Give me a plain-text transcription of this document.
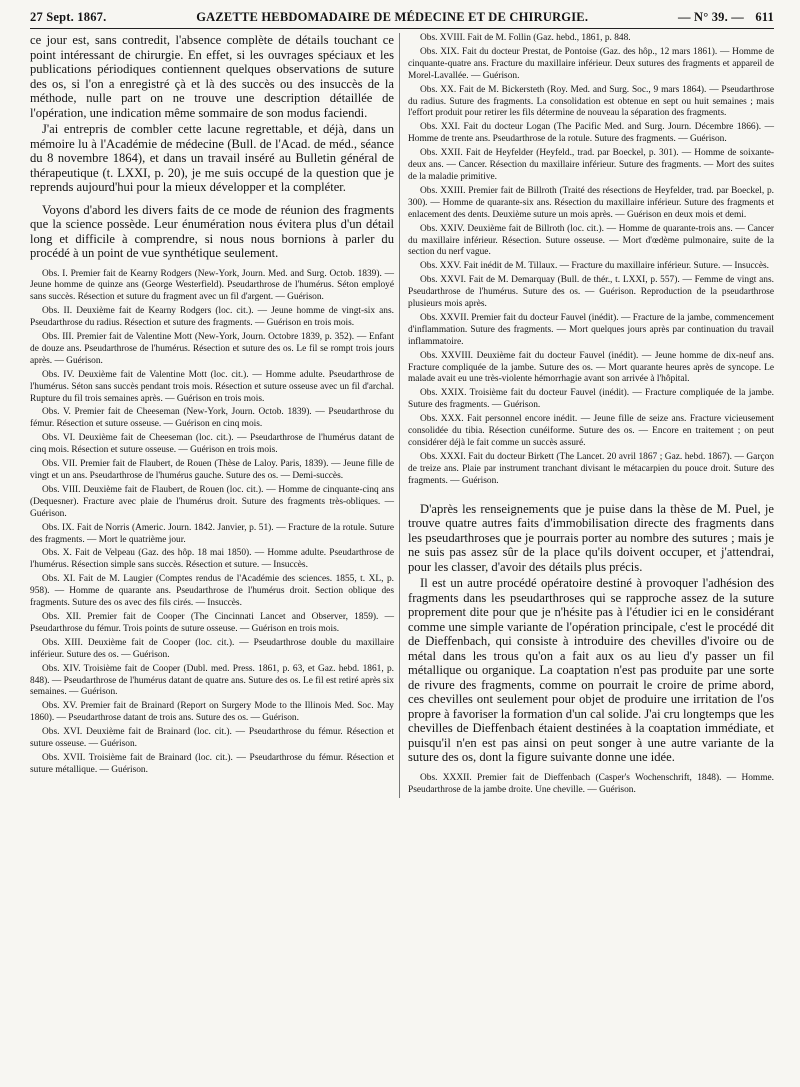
27 Sept. 1867.	GAZETTE HEBDOMADAIRE DE MÉDECINE ET DE CHIRURGIE.	— N° 39. — 611

ce jour est, sans contredit, l'absence complète de détails touchant ce point intéressant de chirurgie. En effet, si les ouvrages spéciaux et les publications périodiques contiennent quelques observations de suture des os, si l'on a enregistré çà et là des succès ou des insuccès de la méthode, nulle part on ne trouve une description détaillée de l'opération, une indication même sommaire de son modus faciendi.

J'ai entrepris de combler cette lacune regrettable, et déjà, dans un mémoire lu à l'Académie de médecine (Bull. de l'Acad. de méd., séance du 8 novembre 1864), et dans un travail inséré au Bulletin général de thérapeutique (t. LXXI, p. 20), je me suis occupé de la question que je reprends aujourd'hui pour la mieux développer et la compléter.

Voyons d'abord les divers faits de ce mode de réunion des fragments que la science possède. Leur énumération nous évitera plus d'un détail long et difficile à comprendre, si nous nous bornions à parler du procédé à un point de vue synthétique seulement.

Obs. I. Premier fait de Kearny Rodgers (New-York, Journ. Med. and Surg. Octob. 1839). — Jeune homme de quinze ans (George Westerfield). Pseudarthrose de l'humérus. Séton employé sans succès. Résection et suture du fragment avec un fil d'argent. — Guérison.

Obs. II. Deuxième fait de Kearny Rodgers (loc. cit.). — Jeune homme de vingt-six ans. Pseudarthrose du radius. Résection et suture des fragments. — Guérison en trois mois.

Obs. III. Premier fait de Valentine Mott (New-York, Journ. Octobre 1839, p. 352). — Enfant de douze ans. Pseudarthrose de l'humérus. Résection et suture des os. Le fil se rompt trois jours après. — Guérison.

Obs. IV. Deuxième fait de Valentine Mott (loc. cit.). — Homme adulte. Pseudarthrose de l'humérus. Séton sans succès pendant trois mois. Résection et suture osseuse avec un fil d'archal. Rupture du fil trois semaines après. — Guérison en trois mois.

Obs. V. Premier fait de Cheeseman (New-York, Journ. Octob. 1839). — Pseudarthrose du fémur. Résection et suture osseuse. — Guérison en cinq mois.

Obs. VI. Deuxième fait de Cheeseman (loc. cit.). — Pseudarthrose de l'humérus datant de cinq mois. Résection et suture osseuse. — Guérison en trois mois.

Obs. VII. Premier fait de Flaubert, de Rouen (Thèse de Laloy. Paris, 1839). — Jeune fille de vingt et un ans. Pseudarthrose de l'humérus gauche. Suture des os. — Demi-succès.

Obs. VIII. Deuxième fait de Flaubert, de Rouen (loc. cit.). — Homme de cinquante-cinq ans (Dequesner). Fracture avec plaie de l'humérus droit. Suture des fragments très-obliques. — Guérison.

Obs. IX. Fait de Norris (Americ. Journ. 1842. Janvier, p. 51). — Fracture de la rotule. Suture des fragments. — Mort le quatrième jour.

Obs. X. Fait de Velpeau (Gaz. des hôp. 18 mai 1850). — Homme adulte. Pseudarthrose de l'humérus. Résection simple sans succès. Résection et suture. — Insuccès.

Obs. XI. Fait de M. Laugier (Comptes rendus de l'Académie des sciences. 1855, t. XL, p. 958). — Homme de quarante ans. Pseudarthrose de l'humérus droit. Section oblique des fragments. Suture des os avec des fils cirés. — Insuccès.

Obs. XII. Premier fait de Cooper (The Cincinnati Lancet and Observer, 1859). — Pseudarthrose du fémur. Trois points de suture osseuse. — Guérison en trois mois.

Obs. XIII. Deuxième fait de Cooper (loc. cit.). — Pseudarthrose double du maxillaire inférieur. Suture des os. — Guérison.

Obs. XIV. Troisième fait de Cooper (Dubl. med. Press. 1861, p. 63, et Gaz. hebd. 1861, p. 848). — Pseudarthrose de l'humérus datant de quatre ans. Suture des os. Le fil est retiré après six semaines. — Guérison.

Obs. XV. Premier fait de Brainard (Report on Surgery Mode to the Illinois Med. Soc. May 1860). — Pseudarthrose datant de trois ans. Suture des os. — Guérison.

Obs. XVI. Deuxième fait de Brainard (loc. cit.). — Pseudarthrose du fémur. Résection et suture osseuse. — Guérison.

Obs. XVII. Troisième fait de Brainard (loc. cit.). — Pseudarthrose du fémur. Résection et suture métallique. — Guérison.

Obs. XVIII. Fait de M. Follin (Gaz. hebd., 1861, p. 848.

Obs. XIX. Fait du docteur Prestat, de Pontoise (Gaz. des hôp., 12 mars 1861). — Homme de cinquante-quatre ans. Fracture du maxillaire inférieur. Deux sutures des fragments et appareil de Morel-Lavallée. — Guérison.

Obs. XX. Fait de M. Bickersteth (Roy. Med. and Surg. Soc., 9 mars 1864). — Pseudarthrose du radius. Suture des fragments. La consolidation est obtenue en sept ou huit semaines ; mais l'effort produit pour retirer les fils détermine de nouveau la séparation des fragments.

Obs. XXI. Fait du docteur Logan (The Pacific Med. and Surg. Journ. Décembre 1866). — Homme de trente ans. Pseudarthrose de la rotule. Suture des fragments. — Guérison.

Obs. XXII. Fait de Heyfelder (Heyfeld., trad. par Boeckel, p. 301). — Homme de soixante-deux ans. — Cancer. Résection du maxillaire inférieur. Suture des fragments. — Mort des suites de la maladie primitive.

Obs. XXIII. Premier fait de Billroth (Traité des résections de Heyfelder, trad. par Boeckel, p. 300). — Homme de quarante-six ans. Résection du maxillaire inférieur. Suture des fragments et enlacement des dents. Deuxième suture un mois après. — Guérison en deux mois et demi.

Obs. XXIV. Deuxième fait de Billroth (loc. cit.). — Homme de quarante-trois ans. — Cancer du maxillaire inférieur. Résection. Suture osseuse. — Mort d'œdème pulmonaire, suite de la section du nerf vague.

Obs. XXV. Fait inédit de M. Tillaux. — Fracture du maxillaire inférieur. Suture. — Insuccès.

Obs. XXVI. Fait de M. Demarquay (Bull. de thér., t. LXXI, p. 557). — Femme de vingt ans. Pseudarthrose de l'humérus. Suture des os. — Guérison. Reproduction de la pseudarthrose plusieurs mois après.

Obs. XXVII. Premier fait du docteur Fauvel (inédit). — Fracture de la jambe, commencement d'inflammation. Suture des fragments. — Mort quelques jours après par continuation du travail inflammatoire.

Obs. XXVIII. Deuxième fait du docteur Fauvel (inédit). — Jeune homme de dix-neuf ans. Fracture compliquée de la jambe. Suture des os. — Mort quarante heures après de syncope. Le malade avait eu une très-violente hémorrhagie avant son arrivée à l'hôpital.

Obs. XXIX. Troisième fait du docteur Fauvel (inédit). — Fracture compliquée de la jambe. Suture des fragments. — Guérison.

Obs. XXX. Fait personnel encore inédit. — Jeune fille de seize ans. Fracture vicieusement consolidée du tibia. Résection cunéiforme. Suture des os. — Encore en traitement ; on peut considérer déjà le fait comme un succès assuré.

Obs. XXXI. Fait du docteur Birkett (The Lancet. 20 avril 1867 ; Gaz. hebd. 1867). — Garçon de treize ans. Plaie par instrument tranchant divisant le métacarpien du pouce droit. Suture des fragments. — Guérison.

D'après les renseignements que je puise dans la thèse de M. Puel, je trouve quatre autres faits d'immobilisation directe des fragments dans les pseudarthroses que je pourrais porter au nombre des sutures ; mais je ne suis pas assez sûr de la place qu'ils doivent occuper, et j'attendrai, pour les classer, d'avoir des détails plus précis.

Il est un autre procédé opératoire destiné à provoquer l'adhésion des fragments dans les pseudarthroses qui se rapproche assez de la suture proprement dite pour que je n'hésite pas à l'étudier ici en le considérant comme une simple variante de l'opération principale, c'est le procédé dit de Dieffenbach, qui consiste à introduire des chevilles d'ivoire ou de métal dans les trous qu'on a fait aux os au lieu d'y passer un fil métallique ou organique. La coaptation n'est pas produite par une sorte de rivure des fragments, comme on pourrait le croire de prime abord, ces chevilles ont seulement pour objet de produire une irritation de l'os propre à favoriser la formation d'un cal solide. J'ai cru longtemps que les chevilles de Dieffenbach étaient destinées à la coaptation immédiate, et puisqu'il n'en est pas ainsi on peut songer à une autre variante de la suture des os, dont la figure suivante donne une idée.

Obs. XXXII. Premier fait de Dieffenbach (Casper's Wochenschrift, 1848). — Homme. Pseudarthrose de la jambe droite. Une cheville. — Guérison.
